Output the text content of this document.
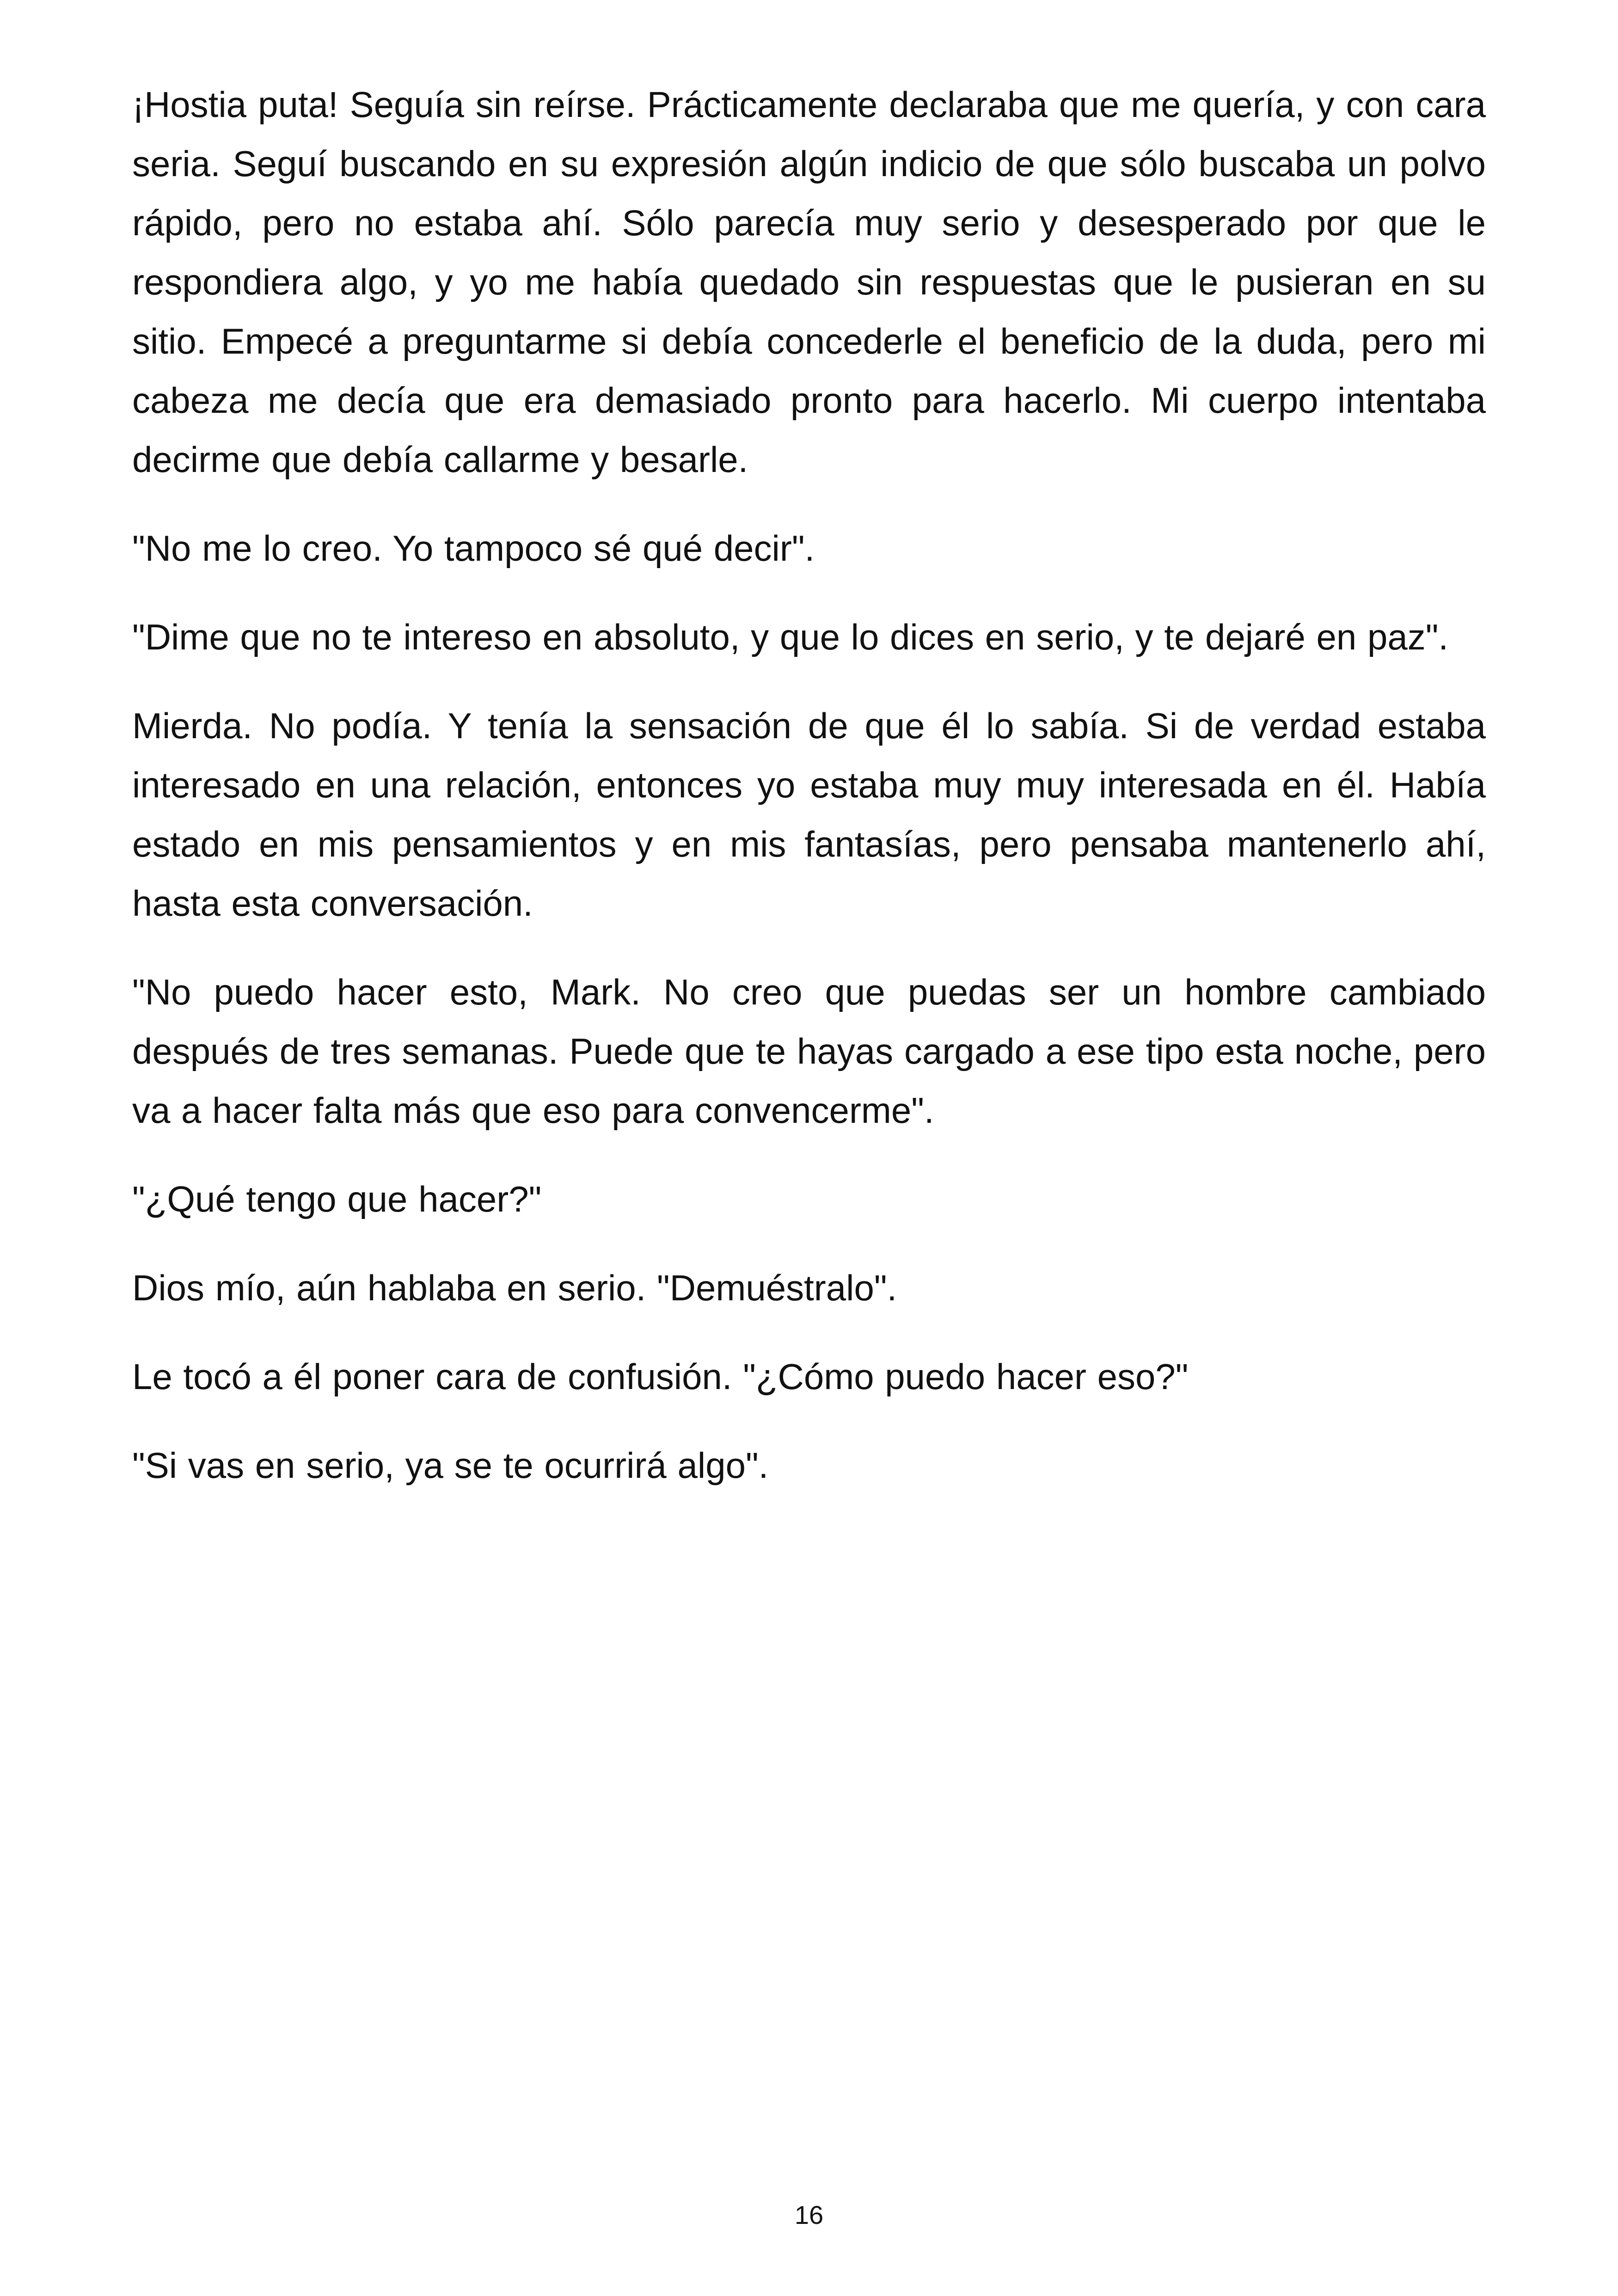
¡Hostia puta! Seguía sin reírse. Prácticamente declaraba que me quería, y con cara seria. Seguí buscando en su expresión algún indicio de que sólo buscaba un polvo rápido, pero no estaba ahí. Sólo parecía muy serio y desesperado por que le respondiera algo, y yo me había quedado sin respuestas que le pusieran en su sitio. Empecé a preguntarme si debía concederle el beneficio de la duda, pero mi cabeza me decía que era demasiado pronto para hacerlo. Mi cuerpo intentaba decirme que debía callarme y besarle.

"No me lo creo. Yo tampoco sé qué decir".

"Dime que no te intereso en absoluto, y que lo dices en serio, y te dejaré en paz".

Mierda. No podía. Y tenía la sensación de que él lo sabía. Si de verdad estaba interesado en una relación, entonces yo estaba muy muy interesada en él. Había estado en mis pensamientos y en mis fantasías, pero pensaba mantenerlo ahí, hasta esta conversación.

"No puedo hacer esto, Mark. No creo que puedas ser un hombre cambiado después de tres semanas. Puede que te hayas cargado a ese tipo esta noche, pero va a hacer falta más que eso para convencerme".

"¿Qué tengo que hacer?"

Dios mío, aún hablaba en serio. "Demuéstralo".

Le tocó a él poner cara de confusión. "¿Cómo puedo hacer eso?"

"Si vas en serio, ya se te ocurrirá algo".

16
